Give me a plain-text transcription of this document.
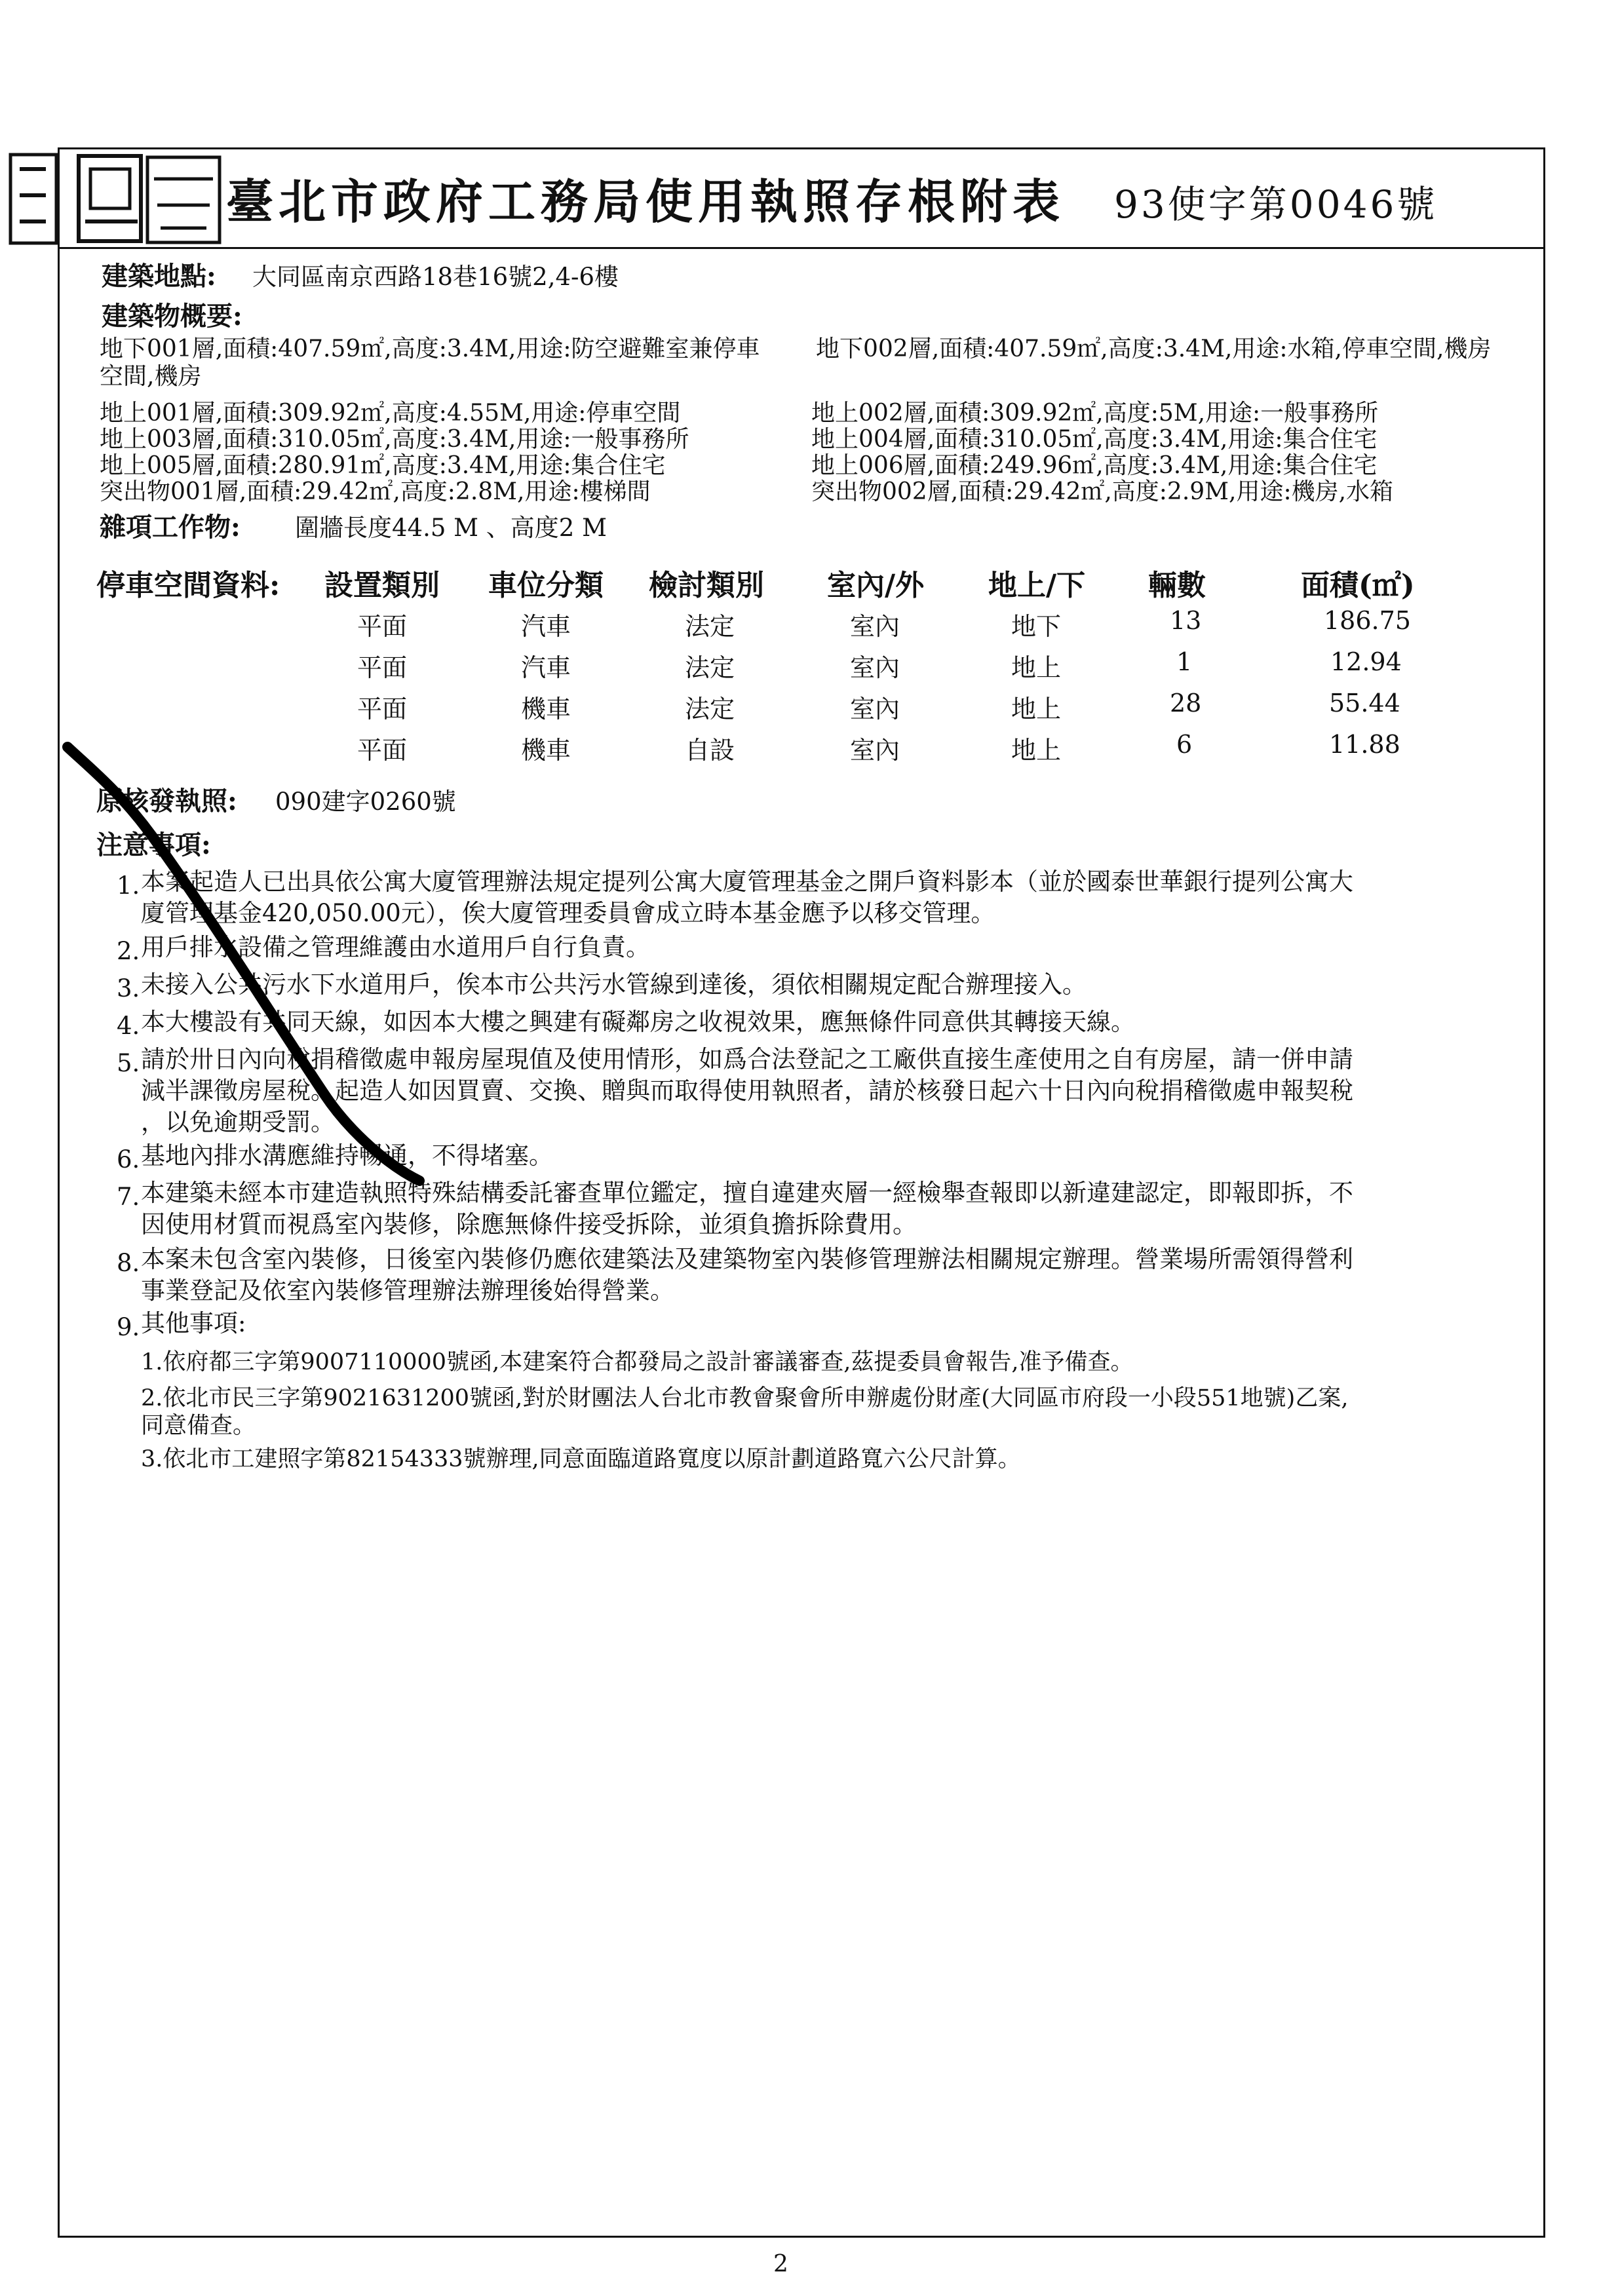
臺北市政府工務局使用執照存根附表 93使字第0046號
建築地點: 大同區南京西路18巷16號2,4-6樓
建築物概要:
地下001層,面積:407.59㎡,高度:3.4M,用途:防空避難室兼停車 地下002層,面積:407.59㎡,高度:3.4M,用途:水箱,停車空間,機房
空間,機房
地上001層,面積:309.92㎡,高度:4.55M,用途:停車空間	地上002層,面積:309.92㎡,高度:5M,用途:一般事務所
地上003層,面積:310.05㎡,高度:3.4M,用途:一般事務所	地上004層,面積:310.05㎡,高度:3.4M,用途:集合住宅
地上005層,面積:280.91㎡,高度:3.4M,用途:集合住宅	地上006層,面積:249.96㎡,高度:3.4M,用途:集合住宅
突出物001層,面積:29.42㎡,高度:2.8M,用途:樓梯間	突出物002層,面積:29.42㎡,高度:2.9M,用途:機房,水箱
雜項工作物: 圍牆長度44.5 M 、高度2 M
停車空間資料: 設置類別 車位分類 檢討類別 室內/外 地上/下 輛數	面積(㎡)
平面	汽車	法定	室內	地下	13	186.75
平面	汽車	法定	室內	地上	1	12.94
平面	機車	法定	室內	地上	28	55.44
平面	機車	自設	室內	地上	6	11.88
原核發執照: 090建字0260號
注意事項:
1. 本案起造人已出具依公寓大廈管理辦法規定提列公寓大廈管理基金之開戶資料影本（並於國泰世華銀行提列公寓大
廈管理基金420,050.00元），俟大廈管理委員會成立時本基金應予以移交管理。
2. 用戶排水設備之管理維護由水道用戶自行負責。
3. 未接入公共污水下水道用戶，俟本市公共污水管線到達後，須依相關規定配合辦理接入。
4. 本大樓設有共同天線，如因本大樓之興建有礙鄰房之收視效果，應無條件同意供其轉接天線。
5. 請於卅日內向稅捐稽徵處申報房屋現值及使用情形，如爲合法登記之工廠供直接生產使用之自有房屋，請一併申請
減半課徵房屋稅。起造人如因買賣、交換、贈與而取得使用執照者，請於核發日起六十日內向稅捐稽徵處申報契稅
，以免逾期受罰。
6. 基地內排水溝應維持暢通，不得堵塞。
7. 本建築未經本市建造執照特殊結構委託審查單位鑑定，擅自違建夾層一經檢舉查報即以新違建認定，即報即拆，不
因使用材質而視爲室內裝修，除應無條件接受拆除，並須負擔拆除費用。
8. 本案未包含室內裝修，日後室內裝修仍應依建築法及建築物室內裝修管理辦法相關規定辦理。營業場所需領得營利
事業登記及依室內裝修管理辦法辦理後始得營業。
9. 其他事項:
1.依府都三字第9007110000號函,本建案符合都發局之設計審議審查,茲提委員會報告,准予備查。
2.依北市民三字第9021631200號函,對於財團法人台北市教會聚會所申辦處份財產(大同區市府段一小段551地號)乙案,
同意備查。
3.依北市工建照字第82154333號辦理,同意面臨道路寬度以原計劃道路寬六公尺計算。
2
